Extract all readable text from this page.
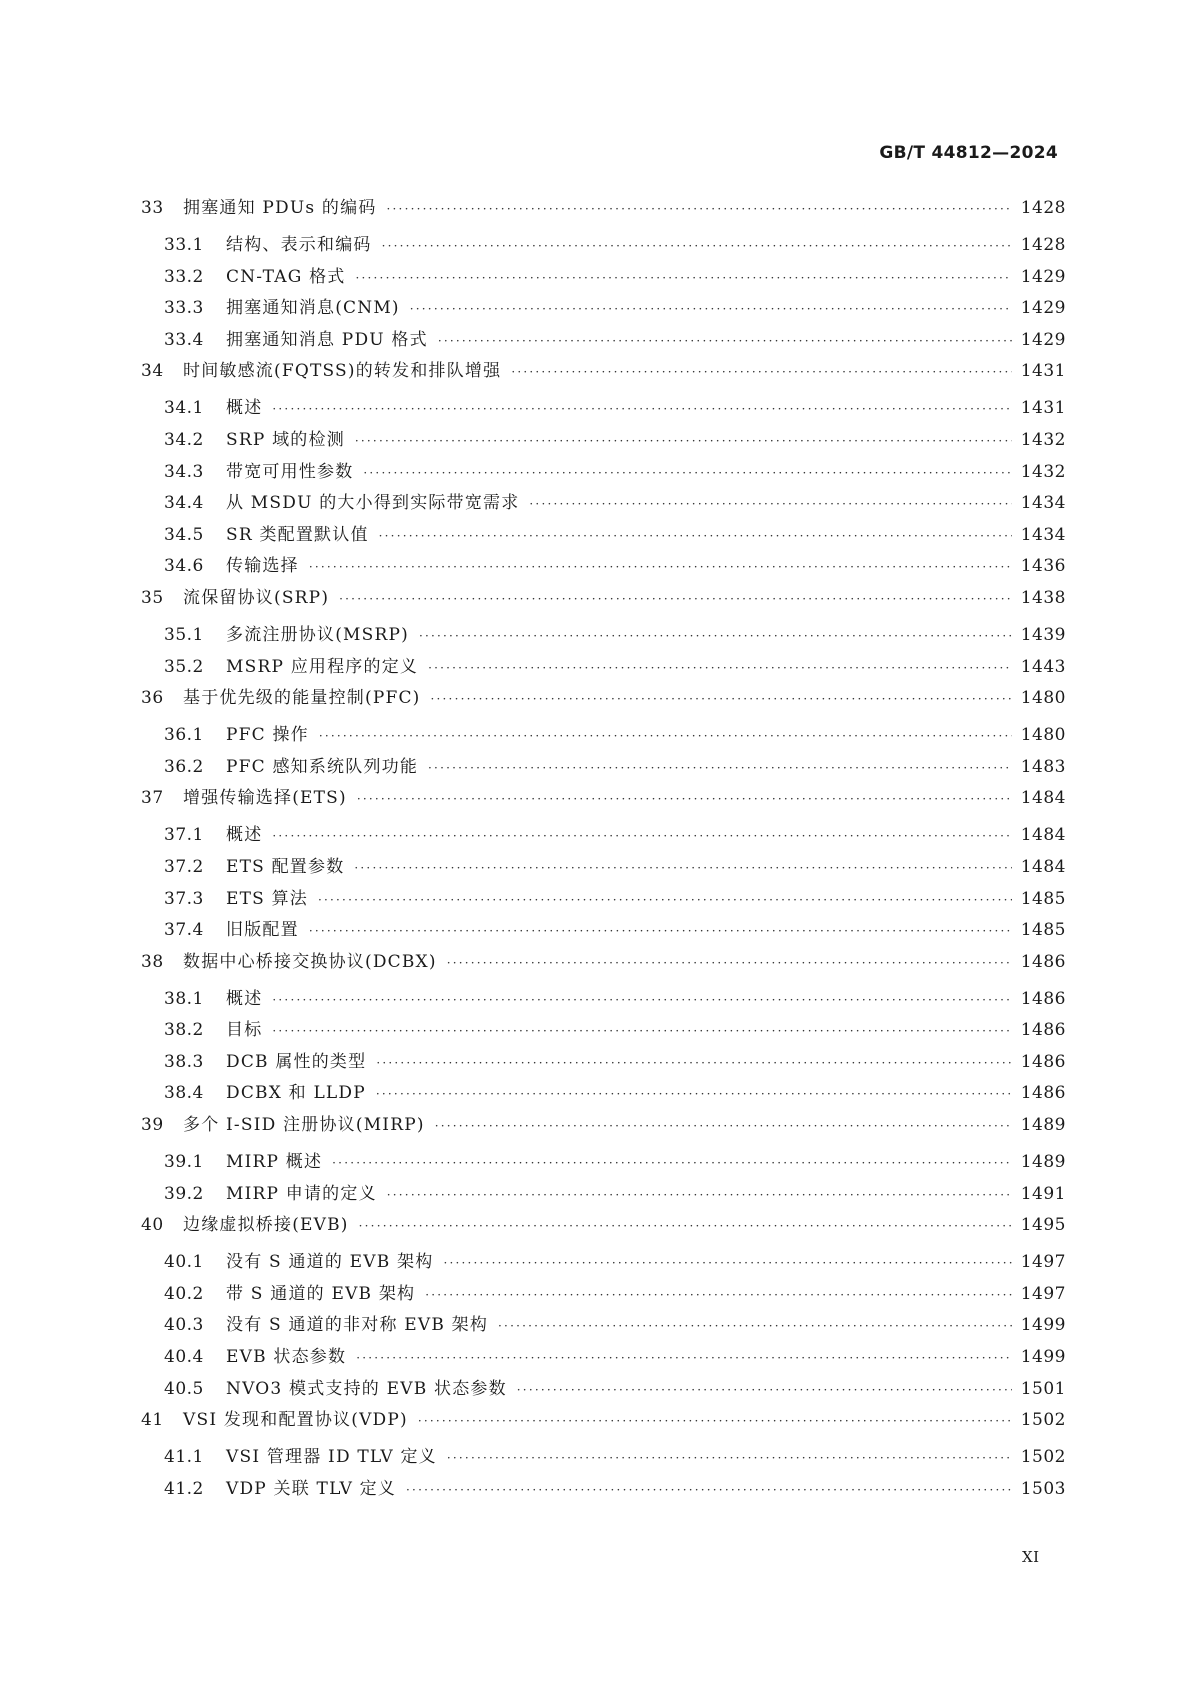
GB/T 44812—2024
33	拥塞通知 PDUs 的编码 ·····	1428
33.1	结构、表示和编码 ·····	1428
33.2	CN-TAG 格式 ·····	1429
33.3	拥塞通知消息(CNM) ·····	1429
33.4	拥塞通知消息 PDU 格式 ·····	1429
34	时间敏感流(FQTSS)的转发和排队增强 ·····	1431
34.1	概述 ·····	1431
34.2	SRP 域的检测 ·····	1432
34.3	带宽可用性参数 ·····	1432
34.4	从 MSDU 的大小得到实际带宽需求 ·····	1434
34.5	SR 类配置默认值 ·····	1434
34.6	传输选择 ·····	1436
35	流保留协议(SRP) ·····	1438
35.1	多流注册协议(MSRP) ·····	1439
35.2	MSRP 应用程序的定义 ·····	1443
36	基于优先级的能量控制(PFC) ·····	1480
36.1	PFC 操作 ·····	1480
36.2	PFC 感知系统队列功能 ·····	1483
37	增强传输选择(ETS) ·····	1484
37.1	概述 ·····	1484
37.2	ETS 配置参数 ·····	1484
37.3	ETS 算法 ·····	1485
37.4	旧版配置 ·····	1485
38	数据中心桥接交换协议(DCBX) ·····	1486
38.1	概述 ·····	1486
38.2	目标 ·····	1486
38.3	DCB 属性的类型 ·····	1486
38.4	DCBX 和 LLDP ·····	1486
39	多个 I-SID 注册协议(MIRP) ·····	1489
39.1	MIRP 概述 ·····	1489
39.2	MIRP 申请的定义 ·····	1491
40	边缘虚拟桥接(EVB) ·····	1495
40.1	没有 S 通道的 EVB 架构 ·····	1497
40.2	带 S 通道的 EVB 架构 ·····	1497
40.3	没有 S 通道的非对称 EVB 架构 ·····	1499
40.4	EVB 状态参数 ·····	1499
40.5	NVO3 模式支持的 EVB 状态参数 ·····	1501
41	VSI 发现和配置协议(VDP) ·····	1502
41.1	VSI 管理器 ID TLV 定义 ·····	1502
41.2	VDP 关联 TLV 定义 ·····	1503
XI
